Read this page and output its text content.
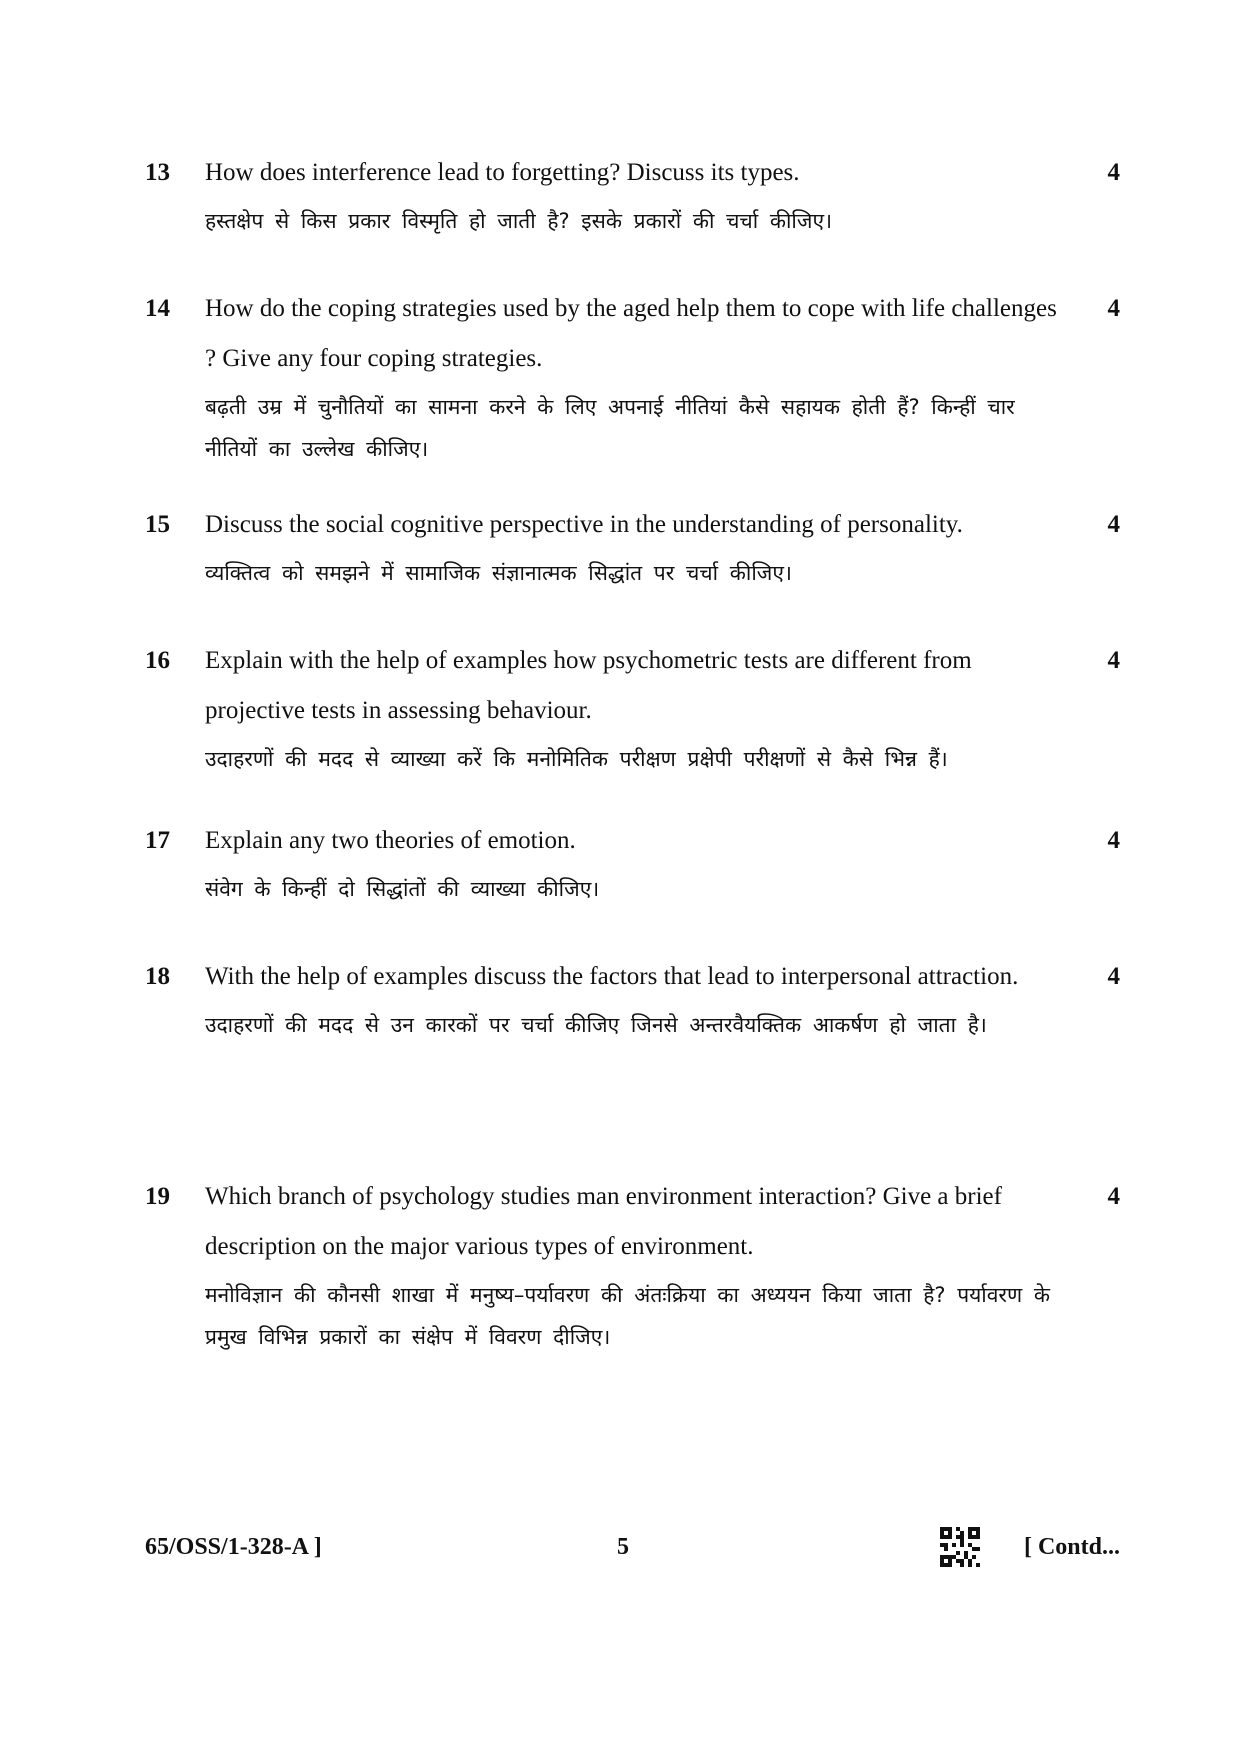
13	4
How does interference lead to forgetting? Discuss its types.
हस्तक्षेप से किस प्रकार विस्मृति हो जाती है? इसके प्रकारों की चर्चा कीजिए।
14	4
How do the coping strategies used by the aged help them to cope with life challenges ? Give any four coping strategies.
बढ़ती उम्र में चुनौतियों का सामना करने के लिए अपनाई नीतियां कैसे सहायक होती हैं? किन्हीं चार नीतियों का उल्लेख कीजिए।
15	4
Discuss the social cognitive perspective in the understanding of personality.
व्यक्तित्व को समझने में सामाजिक संज्ञानात्मक सिद्धांत पर चर्चा कीजिए।
16	4
Explain with the help of examples how psychometric tests are different from projective tests in assessing behaviour.
उदाहरणों की मदद से व्याख्या करें कि मनोमितिक परीक्षण प्रक्षेपी परीक्षणों से कैसे भिन्न हैं।
17	4
Explain any two theories of emotion.
संवेग के किन्हीं दो सिद्धांतों की व्याख्या कीजिए।
18	4
With the help of examples discuss the factors that lead to interpersonal attraction.
उदाहरणों की मदद से उन कारकों पर चर्चा कीजिए जिनसे अन्तरवैयक्तिक आकर्षण हो जाता है।
19	4
Which branch of psychology studies man environment interaction? Give a brief description on the major various types of environment.
मनोविज्ञान की कौनसी शाखा में मनुष्य–पर्यावरण की अंतःक्रिया का अध्ययन किया जाता है? पर्यावरण के प्रमुख विभिन्न प्रकारों का संक्षेप में विवरण दीजिए।
65/OSS/1-328-A ]	5	[ Contd...
